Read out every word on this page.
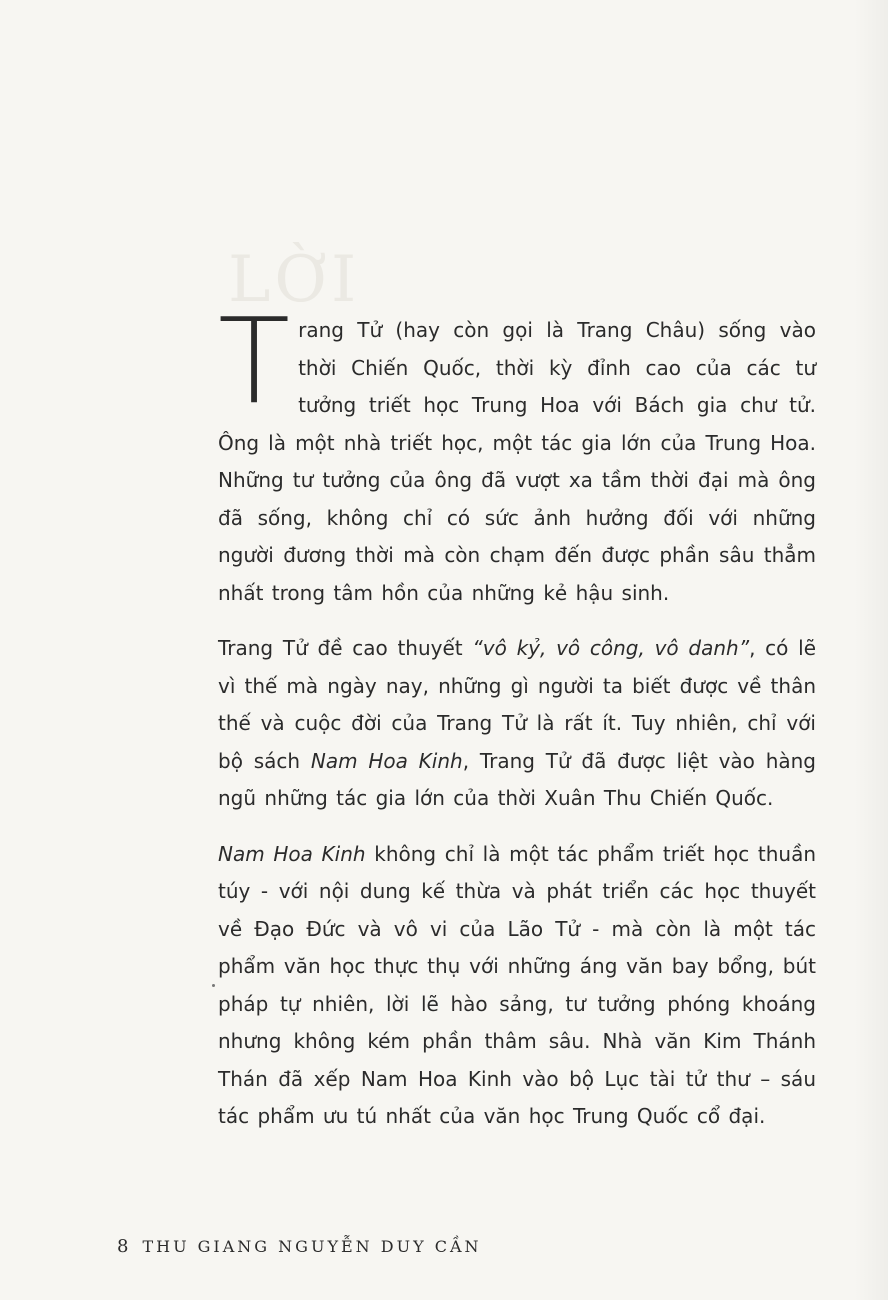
LỜI

Trang Tử (hay còn gọi là Trang Châu) sống vào thời Chiến Quốc, thời kỳ đỉnh cao của các tư tưởng triết học Trung Hoa với Bách gia chư tử. Ông là một nhà triết học, một tác gia lớn của Trung Hoa. Những tư tưởng của ông đã vượt xa tầm thời đại mà ông đã sống, không chỉ có sức ảnh hưởng đối với những người đương thời mà còn chạm đến được phần sâu thẳm nhất trong tâm hồn của những kẻ hậu sinh.

Trang Tử đề cao thuyết “vô kỷ, vô công, vô danh”, có lẽ vì thế mà ngày nay, những gì người ta biết được về thân thế và cuộc đời của Trang Tử là rất ít. Tuy nhiên, chỉ với bộ sách Nam Hoa Kinh, Trang Tử đã được liệt vào hàng ngũ những tác gia lớn của thời Xuân Thu Chiến Quốc.

Nam Hoa Kinh không chỉ là một tác phẩm triết học thuần túy - với nội dung kế thừa và phát triển các học thuyết về Đạo Đức và vô vi của Lão Tử - mà còn là một tác phẩm văn học thực thụ với những áng văn bay bổng, bút pháp tự nhiên, lời lẽ hào sảng, tư tưởng phóng khoáng nhưng không kém phần thâm sâu. Nhà văn Kim Thánh Thán đã xếp Nam Hoa Kinh vào bộ Lục tài tử thư – sáu tác phẩm ưu tú nhất của văn học Trung Quốc cổ đại.

8 THU GIANG NGUYỄN DUY CẦN
